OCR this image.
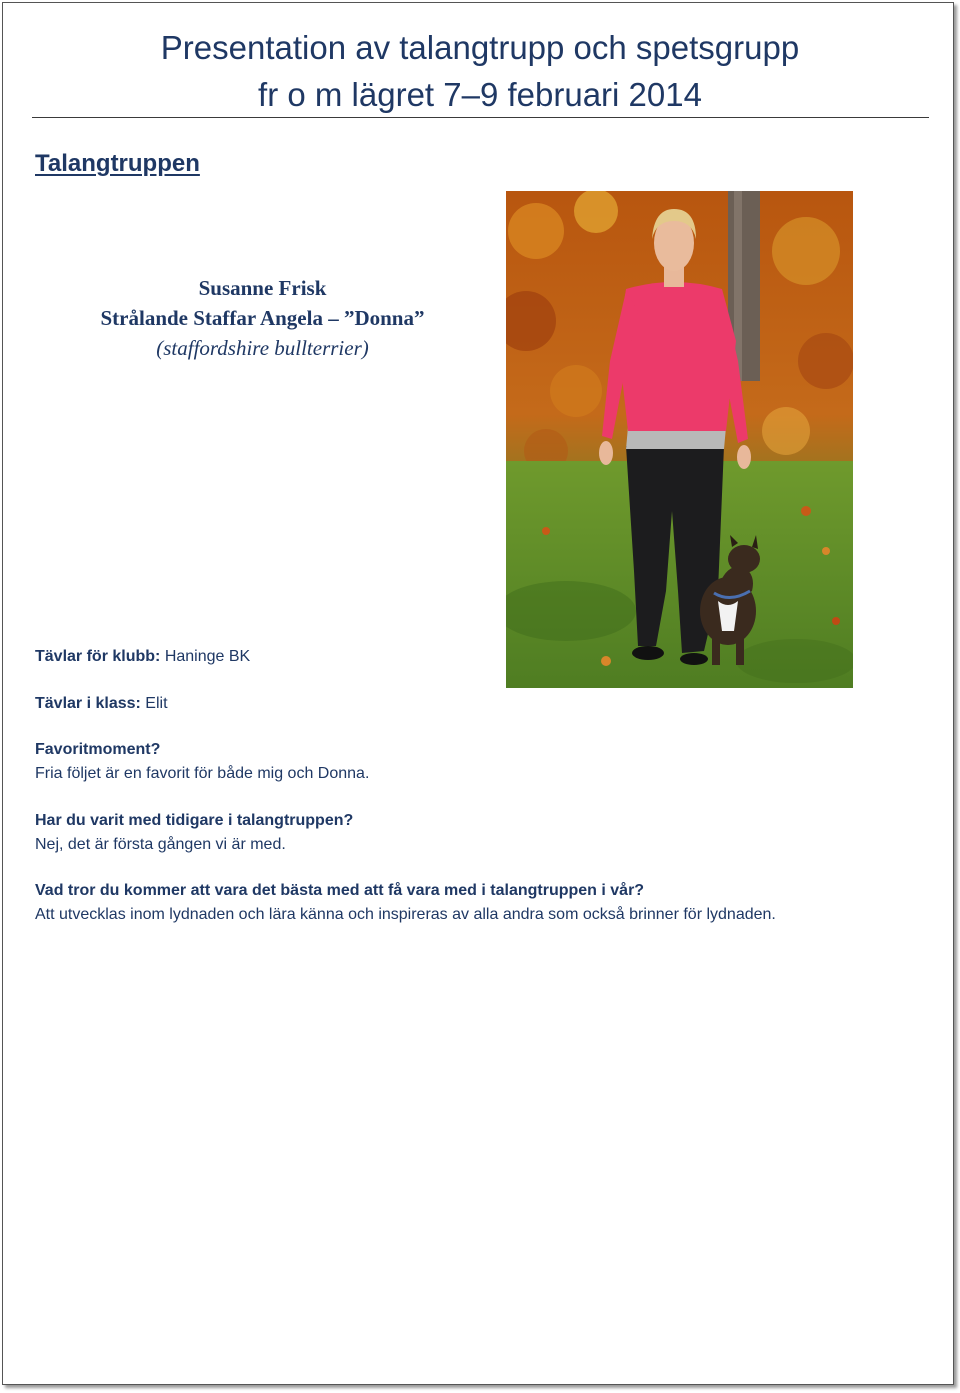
Presentation av talangtrupp och spetsgrupp
fr o m lägret 7–9 februari 2014
Talangtruppen
Susanne Frisk
Strålande Staffar Angela – ”Donna”
(staffordshire bullterrier)
Tävlar för klubb: Haninge BK
Tävlar i klass: Elit
Favoritmoment?
Fria följet är en favorit för både mig och Donna.
Har du varit med tidigare i talangtruppen?
Nej, det är första gången vi är med.
Vad tror du kommer att vara det bästa med att få vara med i talangtruppen i vår?
Att utvecklas inom lydnaden och lära känna och inspireras av alla andra som också brinner för lydnaden.
